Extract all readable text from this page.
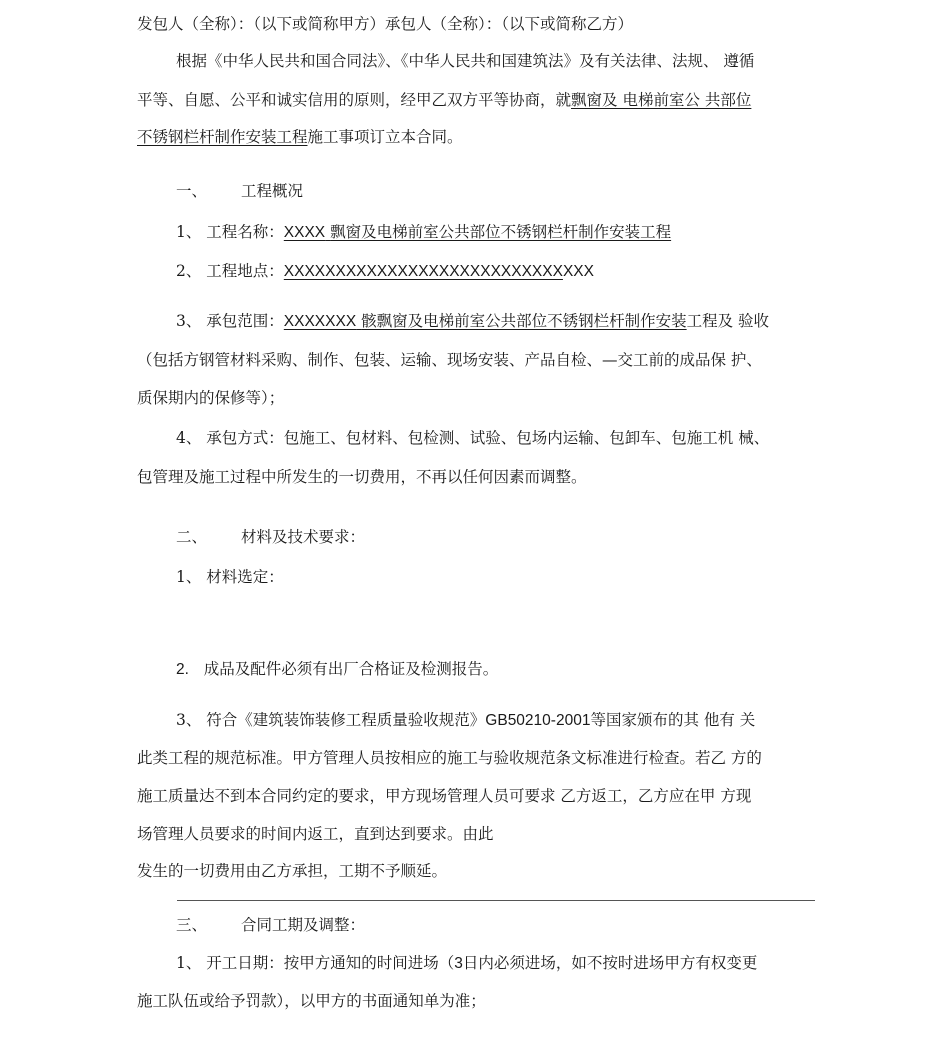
发包人（全称）：（以下或简称甲方）承包人（全称）：（以下或简称乙方）
根据《中华人民共和国合同法》、《中华人民共和国建筑法》及有关法律、法规、 遵循
平等、自愿、公平和诚实信用的原则，经甲乙双方平等协商，就飘窗及 电梯前室公 共部位
不锈钢栏杆制作安装工程施工事项订立本合同。
一、 工程概况
1、 工程名称：XXXX 飘窗及电梯前室公共部位不锈钢栏杆制作安装工程
2、 工程地点：XXXXXXXXXXXXXXXXXXXXXXXXXXXXXX
3、 承包范围：XXXXXXX 骸飘窗及电梯前室公共部位不锈钢栏杆制作安装工程及 验收
（包括方钢管材料采购、制作、包装、运输、现场安装、产品自检、—交工前的成品保 护、
质保期内的保修等）；
4、 承包方式：包施工、包材料、包检测、试验、包场内运输、包卸车、包施工机 械、
包管理及施工过程中所发生的一切费用，不再以任何因素而调整。
二、 材料及技术要求：
1、 材料选定：
2. 成品及配件必须有出厂合格证及检测报告。
3、 符合《建筑装饰装修工程质量验收规范》GB50210-2001等国家颁布的其 他有 关
此类工程的规范标准。甲方管理人员按相应的施工与验收规范条文标准进行检查。若乙 方的
施工质量达不到本合同约定的要求，甲方现场管理人员可要求 乙方返工，乙方应在甲 方现
场管理人员要求的时间内返工，直到达到要求。由此
发生的一切费用由乙方承担，工期不予顺延。
三、 合同工期及调整：
1、 开工日期：按甲方通知的时间进场（3日内必须进场，如不按时进场甲方有权变更
施工队伍或给予罚款），以甲方的书面通知单为准；
